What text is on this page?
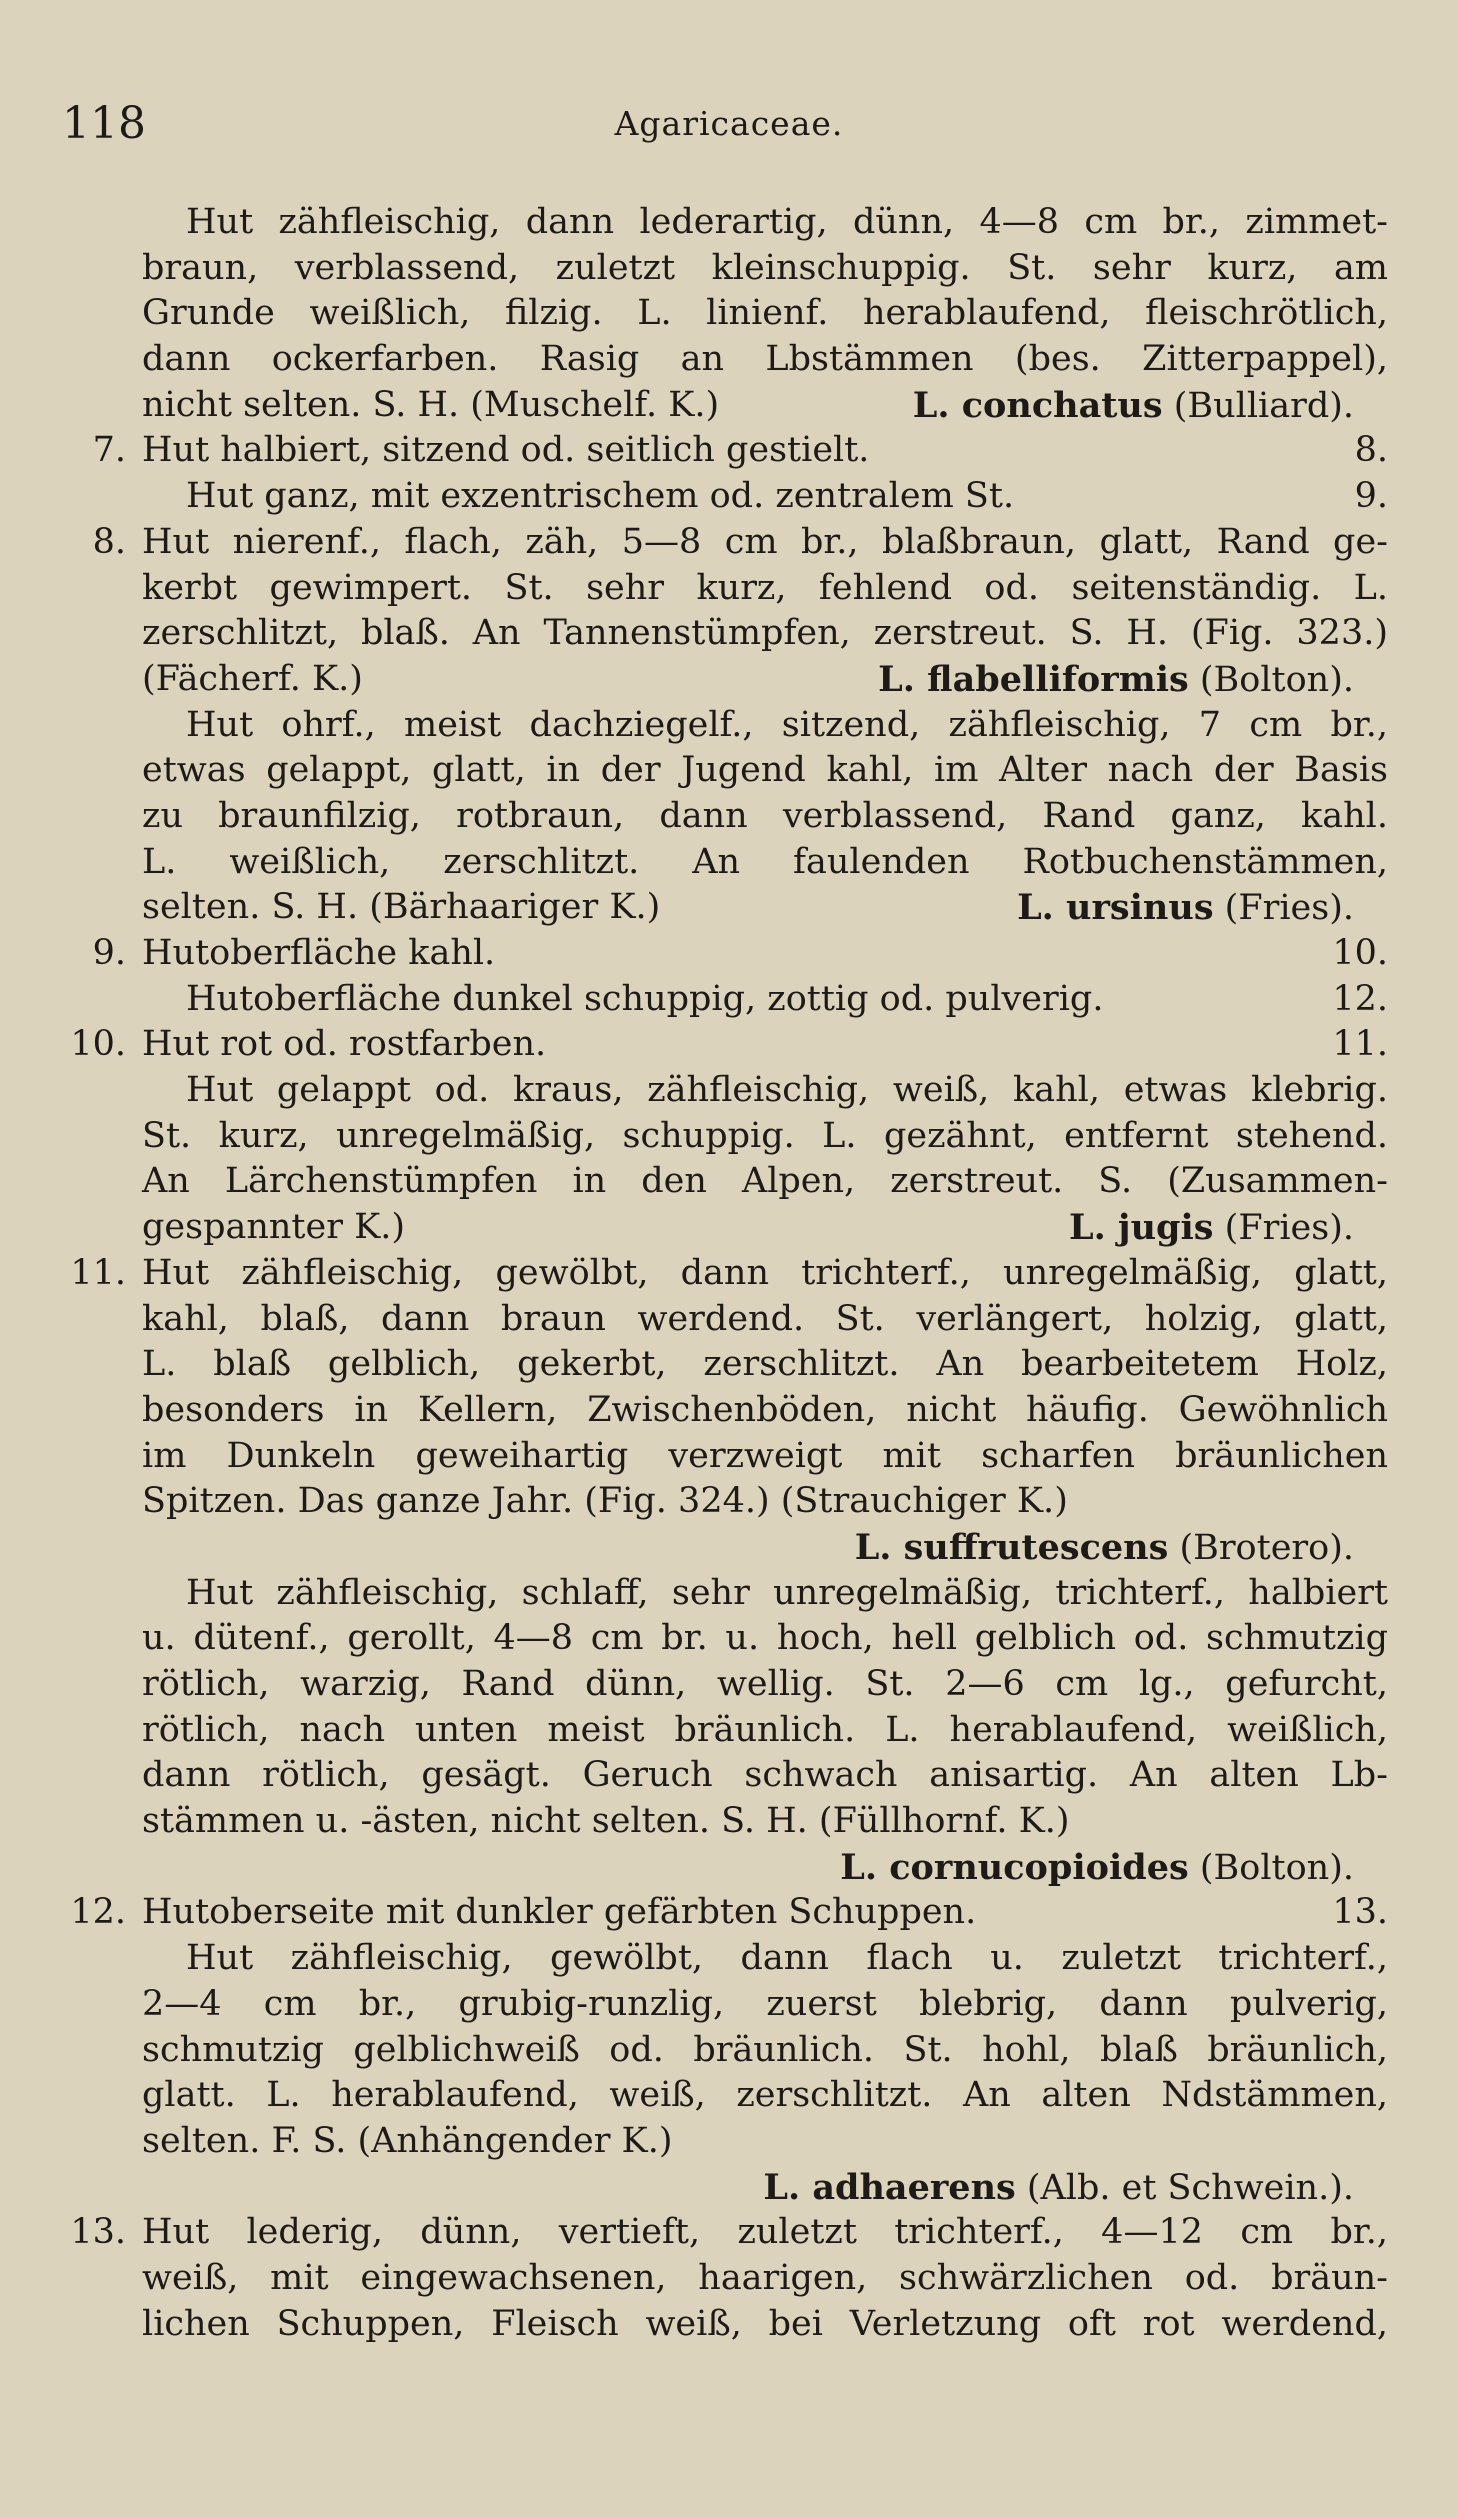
118	Agaricaceae.
Hut zähfleischig, dann lederartig, dünn, 4—8 cm br., zimmet-
braun, verblassend, zuletzt kleinschuppig. St. sehr kurz, am
Grunde weißlich, filzig. L. linienf. herablaufend, fleischrötlich,
dann ockerfarben. Rasig an Lbstämmen (bes. Zitterpappel),
nicht selten. S. H. (Muschelf. K.)	L. conchatus (Bulliard).
7. Hut halbiert, sitzend od. seitlich gestielt.	8.
Hut ganz, mit exzentrischem od. zentralem St.	9.
8. Hut nierenf., flach, zäh, 5—8 cm br., blaßbraun, glatt, Rand ge-
kerbt gewimpert. St. sehr kurz, fehlend od. seitenständig. L.
zerschlitzt, blaß. An Tannenstümpfen, zerstreut. S. H. (Fig. 323.)
(Fächerf. K.)	L. flabelliformis (Bolton).
Hut ohrf., meist dachziegelf., sitzend, zähfleischig, 7 cm br.,
etwas gelappt, glatt, in der Jugend kahl, im Alter nach der Basis
zu braunfilzig, rotbraun, dann verblassend, Rand ganz, kahl.
L. weißlich, zerschlitzt. An faulenden Rotbuchenstämmen,
selten. S. H. (Bärhaariger K.)	L. ursinus (Fries).
9. Hutoberfläche kahl.	10.
Hutoberfläche dunkel schuppig, zottig od. pulverig.	12.
10. Hut rot od. rostfarben.	11.
Hut gelappt od. kraus, zähfleischig, weiß, kahl, etwas klebrig.
St. kurz, unregelmäßig, schuppig. L. gezähnt, entfernt stehend.
An Lärchenstümpfen in den Alpen, zerstreut. S. (Zusammen-
gespannter K.)	L. jugis (Fries).
11. Hut zähfleischig, gewölbt, dann trichterf., unregelmäßig, glatt,
kahl, blaß, dann braun werdend. St. verlängert, holzig, glatt,
L. blaß gelblich, gekerbt, zerschlitzt. An bearbeitetem Holz,
besonders in Kellern, Zwischenböden, nicht häufig. Gewöhnlich
im Dunkeln geweihartig verzweigt mit scharfen bräunlichen
Spitzen. Das ganze Jahr. (Fig. 324.) (Strauchiger K.)
L. suffrutescens (Brotero).
Hut zähfleischig, schlaff, sehr unregelmäßig, trichterf., halbiert
u. dütenf., gerollt, 4—8 cm br. u. hoch, hell gelblich od. schmutzig
rötlich, warzig, Rand dünn, wellig. St. 2—6 cm lg., gefurcht,
rötlich, nach unten meist bräunlich. L. herablaufend, weißlich,
dann rötlich, gesägt. Geruch schwach anisartig. An alten Lb-
stämmen u. -ästen, nicht selten. S. H. (Füllhornf. K.)
L. cornucopioides (Bolton).
12. Hutoberseite mit dunkler gefärbten Schuppen.	13.
Hut zähfleischig, gewölbt, dann flach u. zuletzt trichterf.,
2—4 cm br., grubig-runzlig, zuerst blebrig, dann pulverig,
schmutzig gelblichweiß od. bräunlich. St. hohl, blaß bräunlich,
glatt. L. herablaufend, weiß, zerschlitzt. An alten Ndstämmen,
selten. F. S. (Anhängender K.)
L. adhaerens (Alb. et Schwein.).
13. Hut lederig, dünn, vertieft, zuletzt trichterf., 4—12 cm br.,
weiß, mit eingewachsenen, haarigen, schwärzlichen od. bräun-
lichen Schuppen, Fleisch weiß, bei Verletzung oft rot werdend,
